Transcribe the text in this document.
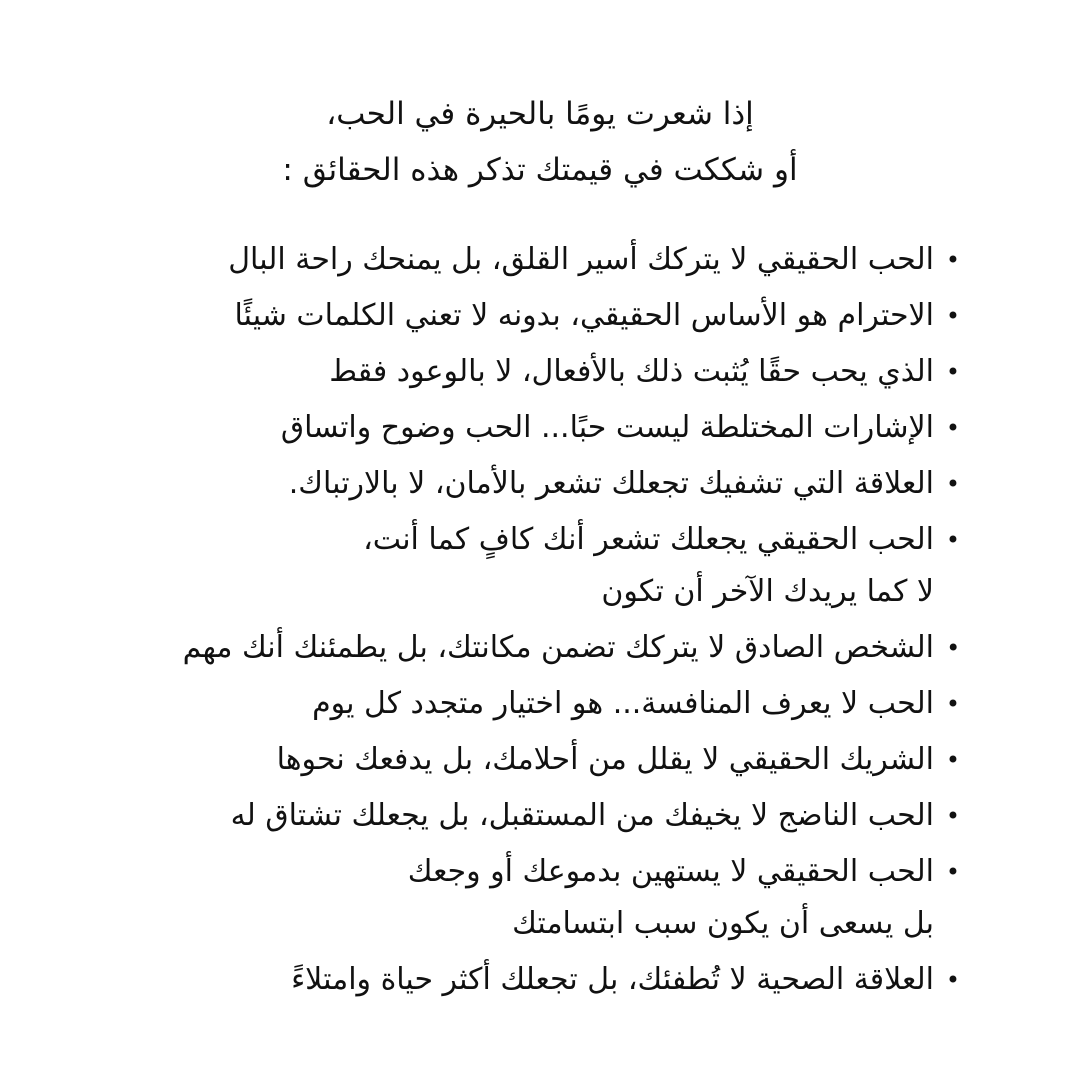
إذا شعرت يومًا بالحيرة في الحب،
أو شككت في قيمتك تذكر هذه الحقائق :
• الحب الحقيقي لا يتركك أسير القلق، بل يمنحك راحة البال
• الاحترام هو الأساس الحقيقي، بدونه لا تعني الكلمات شيئًا
• الذي يحب حقًا يُثبت ذلك بالأفعال، لا بالوعود فقط
• الإشارات المختلطة ليست حبًا... الحب وضوح واتساق
• العلاقة التي تشفيك تجعلك تشعر بالأمان، لا بالارتباك.
• الحب الحقيقي يجعلك تشعر أنك كافٍ كما أنت،
لا كما يريدك الآخر أن تكون
• الشخص الصادق لا يتركك تضمن مكانتك، بل يطمئنك أنك مهم
• الحب لا يعرف المنافسة... هو اختيار متجدد كل يوم
• الشريك الحقيقي لا يقلل من أحلامك، بل يدفعك نحوها
• الحب الناضج لا يخيفك من المستقبل، بل يجعلك تشتاق له
• الحب الحقيقي لا يستهين بدموعك أو وجعك
بل يسعى أن يكون سبب ابتسامتك
• العلاقة الصحية لا تُطفئك، بل تجعلك أكثر حياة وامتلاءً
